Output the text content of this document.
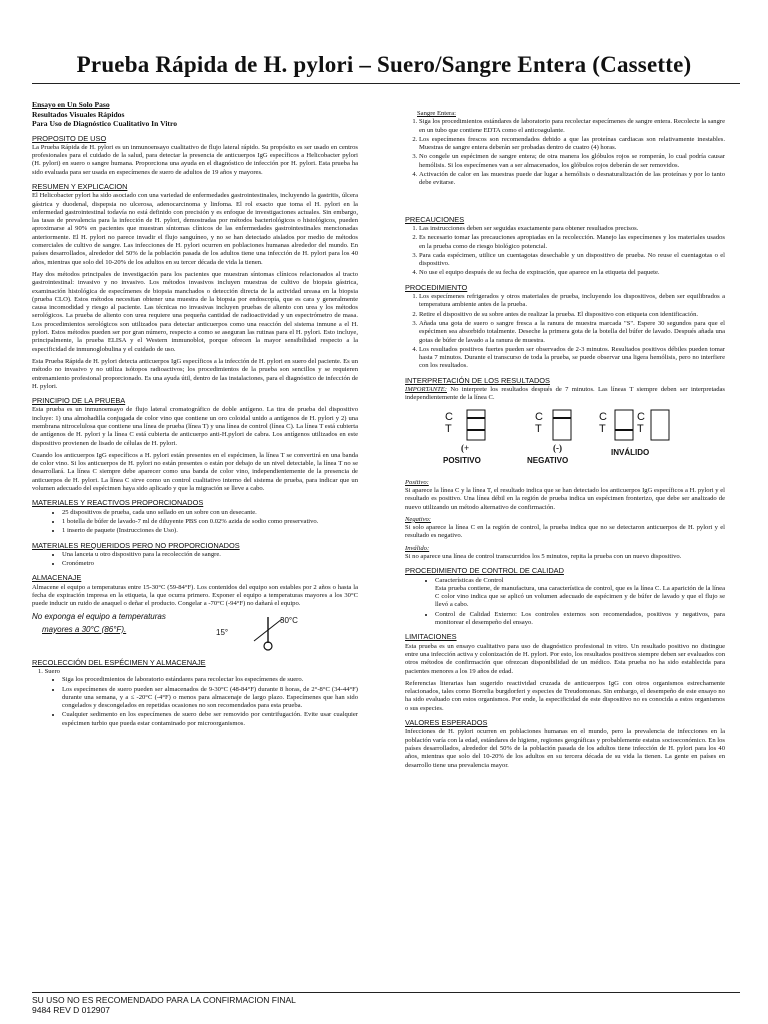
Prueba Rápida de H. pylori – Suero/Sangre Entera (Cassette)
Ensayo en Un Solo Paso
Resultados Visuales Rápidos
Para Uso de Diagnóstico Cualitativo In Vitro
PROPOSITO DE USO

La Prueba Rápida de H. pylori es un inmunoensayo cualitativo de flujo lateral rápido. Su propósito es ser usado en centros profesionales para el cuidado de la salud, para detectar la presencia de anticuerpos IgG específicos a Helicobacter pylori (H. pylori) en suero o sangre humana. Proporciona una ayuda en el diagnóstico de infección por H. pylori. Esta prueba ha sido evaluada para ser usada en especímenes de suero de adultos de 19 años y mayores.

RESUMEN Y EXPLICACION

El Helicobacter pylori ha sido asociado con una variedad de enfermedades gastrointestinales, incluyendo la gastritis, úlcera gástrica y duodenal, dispepsia no ulcerosa, adenocarcinoma y linfoma. El rol exacto que toma el H. pylori en la enfermedad gastrointestinal todavía no está definido con precisión y es enfoque de investigaciones actuales. Sin embargo, las tasas de prevalencia para la infección de H. pylori, demostradas por métodos bacteriológicos o histológicos, pueden aproximarse al 90% en pacientes que muestran síntomas clínicos de las enfermedades gastrointestinales mencionadas anteriormente. El H. pylori no parece invadir el flujo sanguíneo, y no se han detectado aislados por medio de métodos comerciales de cultivo de sangre. Las infecciones de H. pylori ocurren en poblaciones humanas alrededor del mundo. En países desarrollados, alrededor del 50% de la población pasada de los adultos tiene una infección de H. pylori para los 40 años, mientras que solo del 10-20% de los adultos en su tercer década de vida la tienen.

Hay dos métodos principales de investigación para los pacientes que muestran síntomas clínicos relacionados al tracto gastrointestinal: invasivo y no invasivo. Los métodos invasivos incluyen muestras de cultivo de biopsia gástrica, examinación histológica de especímenes de biopsia manchados o detección directa de la actividad ureasa en la biopsia (prueba CLO). Estos métodos necesitan obtener una muestra de la biopsia por endoscopía, que es cara y generalmente causa incomodidad y riesgo al paciente. Las técnicas no invasivas incluyen pruebas de aliento con urea y los métodos serológicos. La prueba de aliento con urea requiere una pequeña cantidad de radioactividad y un espectrómetro de masa. Los procedimientos serológicos son utilizados para detectar anticuerpos como una reacción del sistema inmune a el H. pylori. Estos métodos pueden ser por gran número, respecto a como se aseguran las rutinas para el H. pylori. Esto incluye, principalmente, la prueba ELISA y el Western immunoblot, porque ofrecen la mayor sensibilidad respecto a la especificidad de inmunoglobulina y el cuidado de uso.

Esta Prueba Rápida de H. pylori detecta anticuerpos IgG específicos a la infección de H. pylori en suero del paciente. Es un método no invasivo y no utiliza isótopos radioactivos; los procedimientos de la prueba son sencillos y se requieren entrenamiento profesional proporcionado. Es una ayuda útil, dentro de las instalaciones, para el diagnóstico de infección de H. pylori.

PRINCIPIO DE LA PRUEBA

Esta prueba es un inmunoensayo de flujo lateral cromatográfico de doble antígeno. La tira de prueba del dispositivo incluye: 1) una almohadilla conjugada de color vino que contiene un oro coloidal unido a antígenos de H. pylori y 2) una membrana nitrocelulosa que contiene una línea de prueba (línea T) y una línea de control (línea C). La línea T está cubierta de antígenos de H. pylori y la línea C está cubierta de anticuerpo anti-H.pylori de cabra. Los antígenos utilizados en este dispositivo provienen de lisado de células de H. pylori.

Cuando los anticuerpos IgG específicos a H. pylori están presentes en el espécimen, la línea T se convertirá en una banda de color vino. Si los anticuerpos de H. pylori no están presentes o están por debajo de un nivel detectable, la línea T no se desarrollará. La línea C siempre debe aparecer como una banda de color vino, independientemente de la presencia de anticuerpos de H. pylori. La línea C sirve como un control cualitativo interno del sistema de prueba, para indicar que un volumen adecuado del espécimen haya sido aplicado y que la migración se lleve a cabo.

MATERIALES Y REACTIVOS PROPORCIONADOS
• 25 dispositivos de prueba, cada uno sellado en un sobre con un desecante.
• 1 botella de búfer de lavado-7 ml de diluyente PBS con 0.02% azida de sodio como preservativo.
• 1 inserto de paquete (Instrucciones de Uso).
MATERIALES REQUERIDOS PERO NO PROPORCIONADOS
• Una lanceta u otro dispositivo para la recolección de sangre.
• Cronómetro
ALMACENAJE

Almacene el equipo a temperaturas entre 15-30°C (59-84°F). Los contenidos del equipo son estables por 2 años o hasta la fecha de expiración impresa en la etiqueta, la que ocurra primero. Exponer el equipo a temperaturas mayores a los 30°C puede inducir un ruido de anaquel o deñar el producto. Congelar a -70°C (-94°F) no dañará el equipo.

No exponga el equipo a temperaturas
mayores a 30°C (86°F).	15°
30°C
RECOLECCIÓN DEL ESPÉCIMEN Y ALMACENAJE
1. Suero
• Siga los procedimientos de laboratorio estándares para recolectar los especímenes de suero.
• Los especímenes de suero pueden ser almacenados de 9-30°C (48-84°F) durante 8 horas, de 2°-8°C (34-44°F) durante una semana, y a ≤ -20°C (-4°F) o menos para almacenaje de largo plazo. Especímenes que han sido congelados y descongelados en repetidas ocasiones no son recomendados para esta prueba.
• Cualquier sedimento en los especímenes de suero debe ser removido por centrifugación. Evite usar cualquier espécimen turbio que pueda estar contaminado por microorganismos.
Sangre Entera:
1. Siga los procedimientos estándares de laboratorio para recolectar especímenes de sangre entera. Recolecte la sangre en un tubo que contiene EDTA como el anticoagulante.
2. Los especímenes frescos son recomendados debido a que las proteínas cardiacas son relativamente inestables. Muestras de sangre entera deberán ser probadas dentro de cuatro (4) horas.
3. No congele un espécimen de sangre entera; de otra manera los glóbulos rojos se romperán, lo cual podría causar hemólisis. Si los especímenes van a ser almacenados, los glóbulos rojos deberán de ser removidos.
4. Activación de calor en las muestras puede dar lugar a hemólisis o desnaturalización de las proteínas y por lo tanto debe evitarse.
PRECAUCIONES
1. Las instrucciones deben ser seguidas exactamente para obtener resultados precisos.
2. Es necesario tomar las precauciones apropiadas en la recolección. Manejo las especímenes y los materiales usados en la prueba como de riesgo biológico potencial.
3. Para cada espécimen, utilice un cuentagotas desechable y un dispositivo de prueba. No reuse el cuentagotas o el dispositivo.
4. No use el equipo después de su fecha de expiración, que aparece en la etiqueta del paquete.
PROCEDIMIENTO
1. Los especímenes refrigerados y otros materiales de prueba, incluyendo los dispositivos, deben ser equilibrados a temperatura ambiente antes de la prueba.
2. Retire el dispositivo de su sobre antes de realizar la prueba. El dispositivo con etiqueta con identificación.
3. Añada una gota de suero o sangre fresca a la ranura de muestra marcada "S". Espere 30 segundos para que el espécimen sea absorbido totalmente. Deseche la primera gota de la botella del búfer de lavado. Después añada una gotas de búfer de lavado a la ranura de muestra.
4. Los resultados positivos fuertes pueden ser observados de 2-3 minutos. Resultados positivos débiles pueden tomar hasta 7 minutos. Durante el transcurso de toda la prueba, se puede observar una ligera hemólisis, pero no interfiere con los resultados.
INTERPRETACIÓN DE LOS RESULTADOS

IMPORTANTE: No interprete los resultados después de 7 minutos. Las líneas T siempre deben ser interpretadas independientemente de la línea C.

C
T
(+
POSITIVO
C
T
(-)
NEGATIVO
C
T
C
T
INVÁLIDO
Positivo:

Si aparece la línea C y la línea T, el resultado indica que se han detectado los anticuerpos IgG específicos a H. pylori y el resultado es positivo. Una línea débil en la región de prueba indica un espécimen fronterizo, que debe ser analizado de nuevo utilizando un método alternativo de confirmación.

Negativo:

Si solo aparece la línea C en la región de control, la prueba indica que no se detectaron anticuerpos de H. pylori y el resultado es negativo.

Inválido:

Si no aparece una línea de control transcurridos los 5 minutos, repita la prueba con un nuevo dispositivo.

PROCEDIMIENTO DE CONTROL DE CALIDAD
• Características de Control
Esta prueba contiene, de manufactura, una característica de control, que es la línea C. La aparición de la línea C color vino indica que se aplicó un volumen adecuado de espécimen y de búfer de lavado y que el flujo se llevó a cabo.
• Control de Calidad Externo: Los controles externos son recomendados, positivos y negativos, para monitorear el desempeño del ensayo.
LIMITACIONES

Esta prueba es un ensayo cualitativo para uso de diagnóstico profesional in vitro. Un resultado positivo no distingue entre una infección activa y colonización de H. pylori. Por esto, los resultados positivos siempre deben ser evaluados con otros métodos de confirmación que ofrezcan disponibilidad de un médico. Esta prueba no ha sido establecida para pacientes menores a los 19 años de edad.

Referencias literarias han sugerido reactividad cruzada de anticuerpos IgG con otros organismos estrechamente relacionados, tales como Borrelia burgdorferi y especies de Treudomonas. Sin embargo, el desempeño de este ensayo no ha sido evaluado con estos organismos. Por ende, la especificidad de este dispositivo no es conocida a estos organismos o sus especies.

VALORES ESPERADOS

Infecciones de H. pylori ocurren en poblaciones humanas en el mundo, pero la prevalencia de infecciones en la población varía con la edad, estándares de higiene, regiones geográficas y probablemente estatus socioeconómico. En los países desarrollados, alrededor del 50% de la población pasada de los adultos tiene infección de H. pylori para los 40 años, mientras que solo del 10-20% de los adultos en su tercera década de su vida la tienen. La gente en países en desarrollo tiene una prevalencia mayor.

SU USO NO ES RECOMENDADO PARA LA CONFIRMACION FINAL
9484 REV D 012907
